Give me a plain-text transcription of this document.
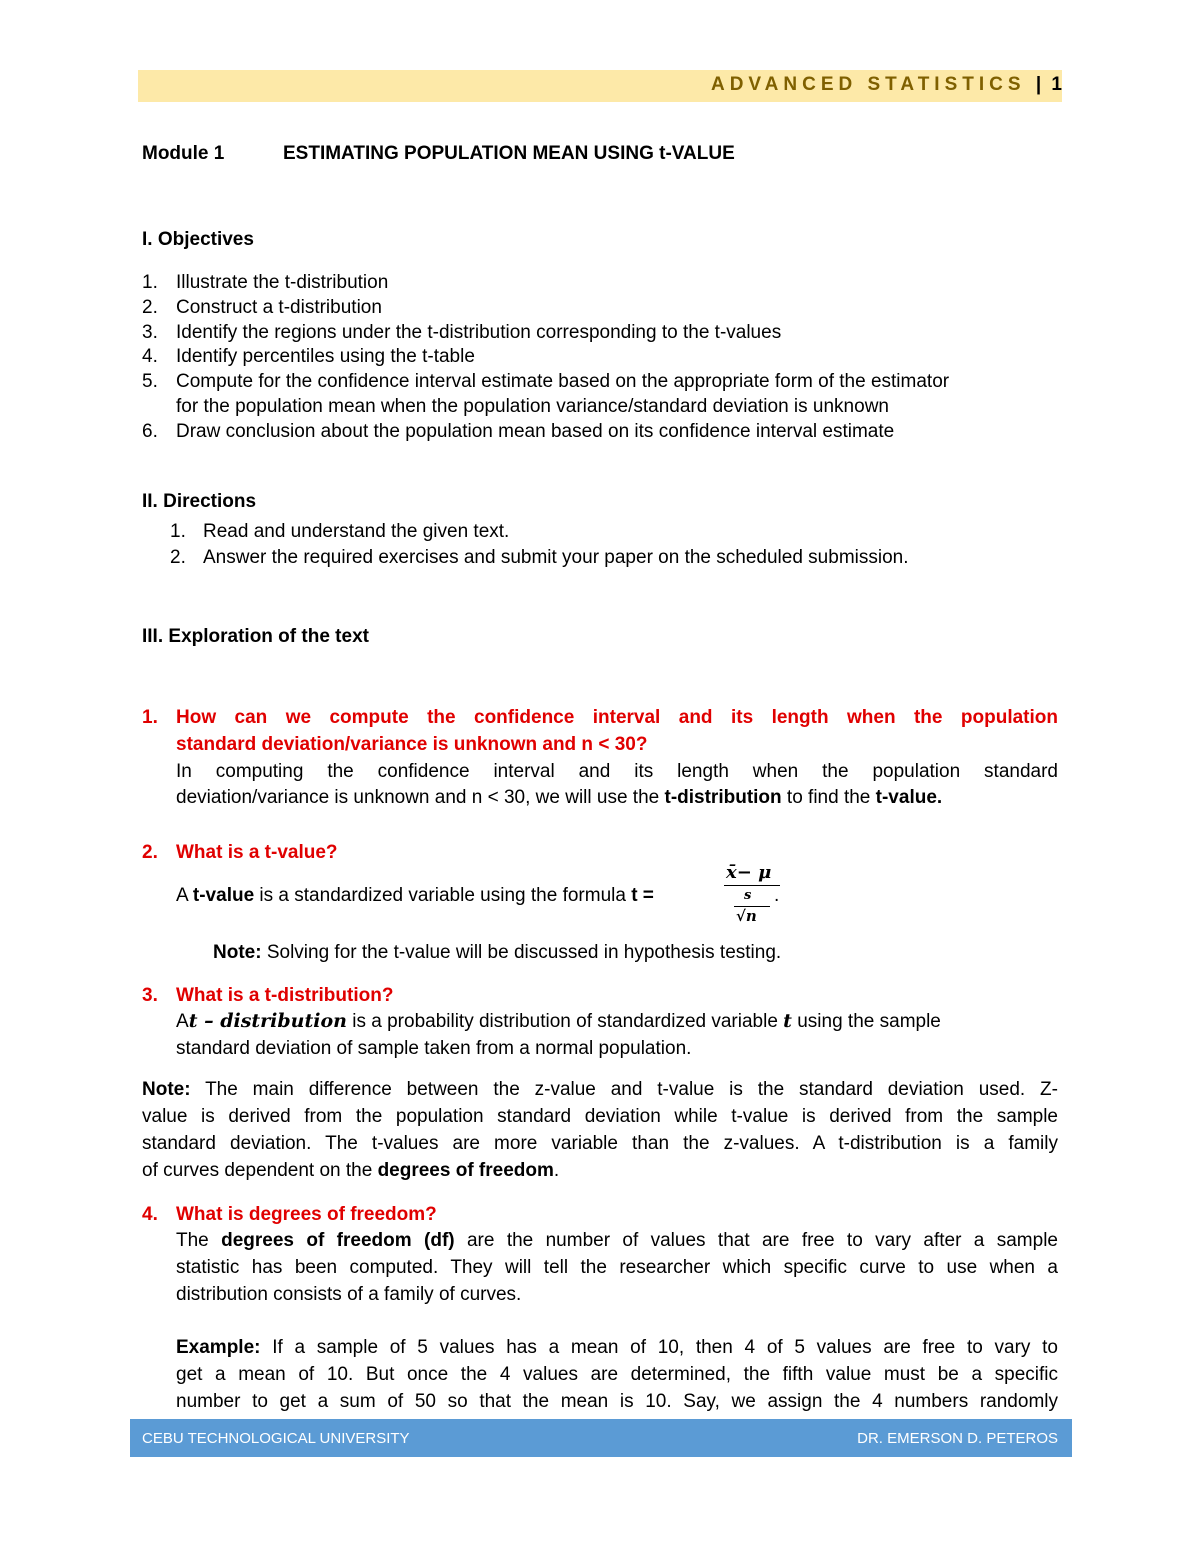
ADVANCED STATISTICS | 1
Module 1	ESTIMATING POPULATION MEAN USING t-VALUE
I. Objectives
1. Illustrate the t-distribution
2. Construct a t-distribution
3. Identify the regions under the t-distribution corresponding to the t-values
4. Identify percentiles using the t-table
5. Compute for the confidence interval estimate based on the appropriate form of the estimator
for the population mean when the population variance/standard deviation is unknown
6. Draw conclusion about the population mean based on its confidence interval estimate
II. Directions
1. Read and understand the given text.
2. Answer the required exercises and submit your paper on the scheduled submission.
III. Exploration of the text
1. How can we compute the confidence interval and its length when the population
standard deviation/variance is unknown and n < 30?
In computing the confidence interval and its length when the population standard
deviation/variance is unknown and n < 30, we will use the t-distribution to find the t-value.
2. What is a t-value?
A t-value is a standardized variable using the formula t =
x̄− μ
s
√n
.
Note: Solving for the t-value will be discussed in hypothesis testing.
3. What is a t-distribution?
At – distribution is a probability distribution of standardized variable t using the sample
standard deviation of sample taken from a normal population.
Note: The main difference between the z-value and t-value is the standard deviation used. Z-
value is derived from the population standard deviation while t-value is derived from the sample
standard deviation. The t-values are more variable than the z-values. A t-distribution is a family
of curves dependent on the degrees of freedom.
4. What is degrees of freedom?
The degrees of freedom (df) are the number of values that are free to vary after a sample
statistic has been computed. They will tell the researcher which specific curve to use when a
distribution consists of a family of curves.
Example: If a sample of 5 values has a mean of 10, then 4 of 5 values are free to vary to
get a mean of 10. But once the 4 values are determined, the fifth value must be a specific
number to get a sum of 50 so that the mean is 10. Say, we assign the 4 numbers randomly
CEBU TECHNOLOGICAL UNIVERSITY	DR. EMERSON D. PETEROS
